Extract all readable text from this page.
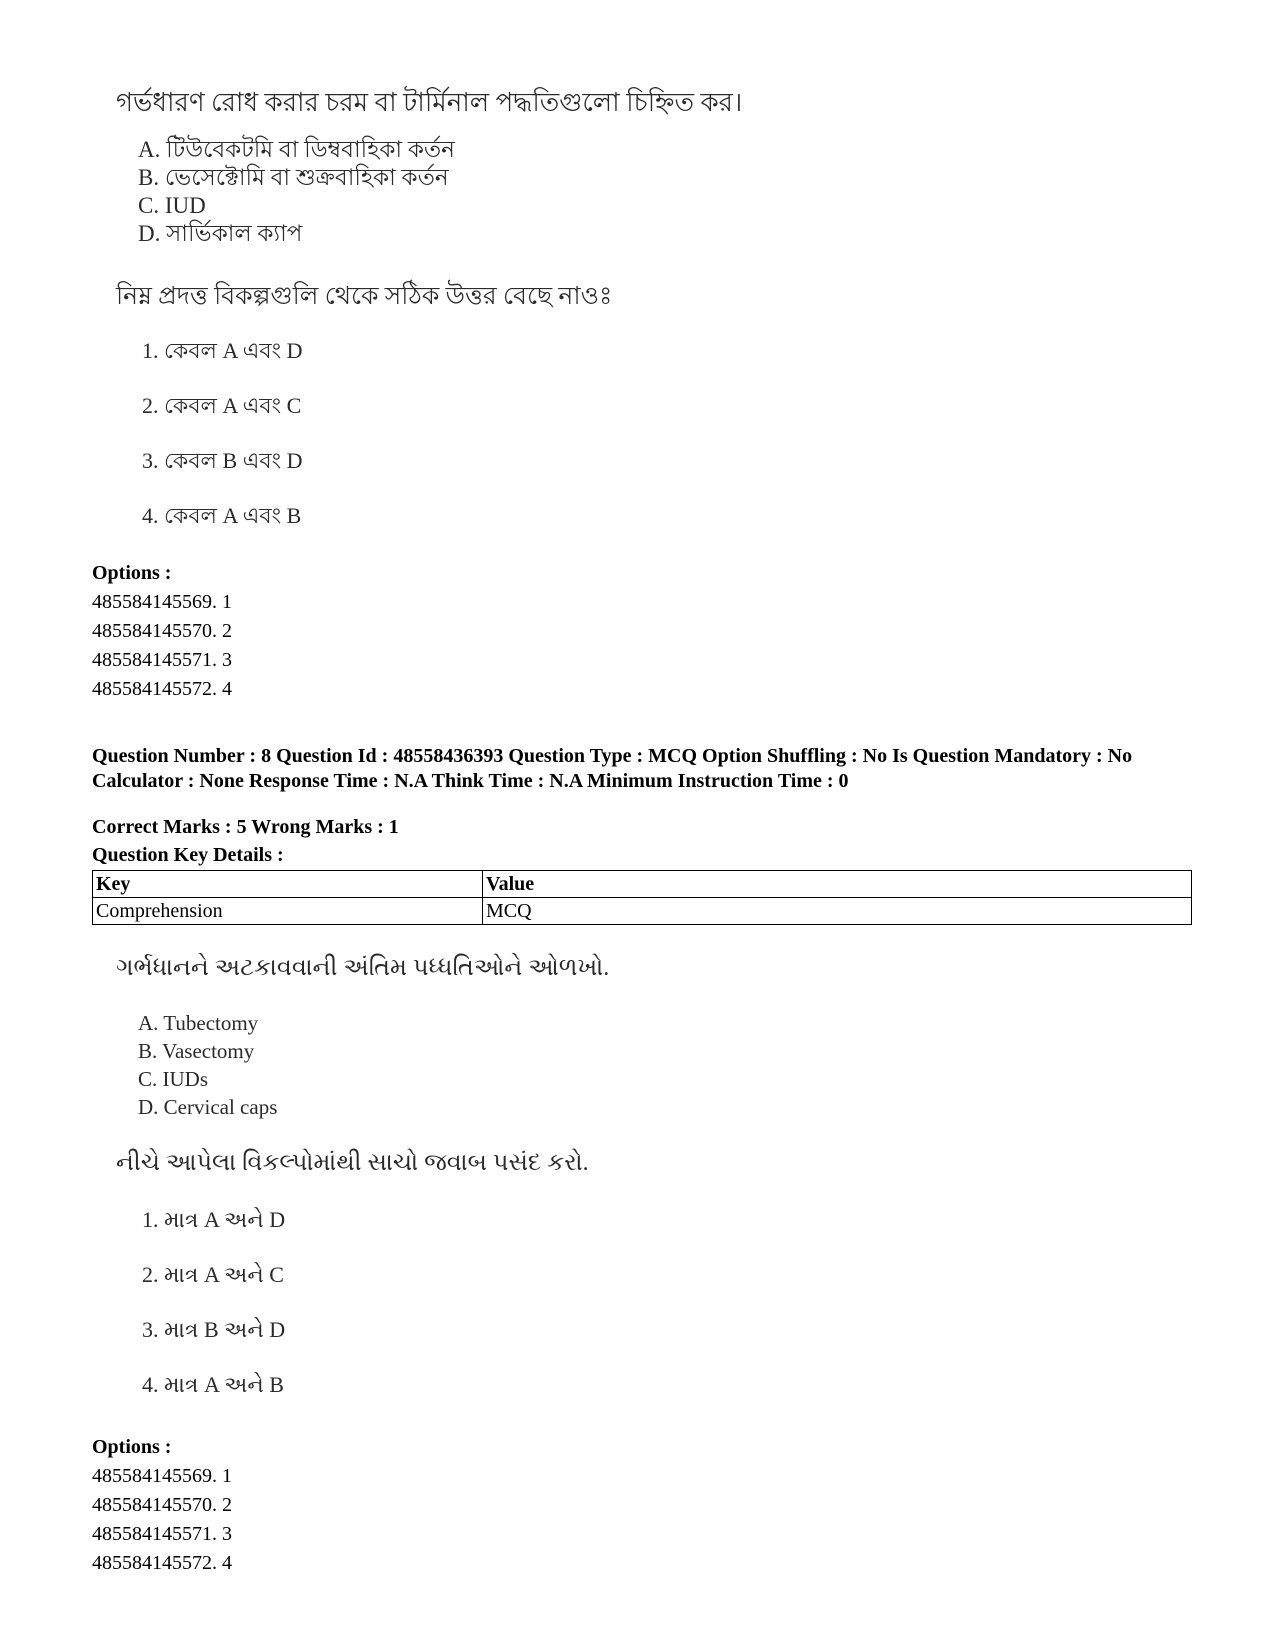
গর্ভধারণ রোধ করার চরম বা টার্মিনাল পদ্ধতিগুলো চিহ্নিত কর।

A. টিউবেকটমি বা ডিম্ববাহিকা কর্তন

B. ভেসেক্টোমি বা শুক্রবাহিকা কর্তন

C. IUD

D. সার্ভিকাল ক্যাপ

নিম্ন প্রদত্ত বিকল্পগুলি থেকে সঠিক উত্তর বেছে নাওঃ

1. কেবল A এবং D

2. কেবল A এবং C

3. কেবল B এবং D

4. কেবল A এবং B

Options :
485584145569. 1
485584145570. 2
485584145571. 3
485584145572. 4
Question Number : 8 Question Id : 48558436393 Question Type : MCQ Option Shuffling : No Is Question Mandatory : No
Calculator : None Response Time : N.A Think Time : N.A Minimum Instruction Time : 0
Correct Marks : 5 Wrong Marks : 1
Question Key Details :
Key	Value
Comprehension	MCQ

ગર્ભધાનને અટકાવવાની અંતિમ પધ્ધતિઓને ઓળખો.

A. Tubectomy

B. Vasectomy

C. IUDs

D. Cervical caps

નીચે આપેલા વિકલ્પોમાંથી સાચો જવાબ પસંદ કરો.

1. માત્ર A અને D

2. માત્ર A અને C

3. માત્ર B અને D

4. માત્ર A અને B

Options :
485584145569. 1
485584145570. 2
485584145571. 3
485584145572. 4
